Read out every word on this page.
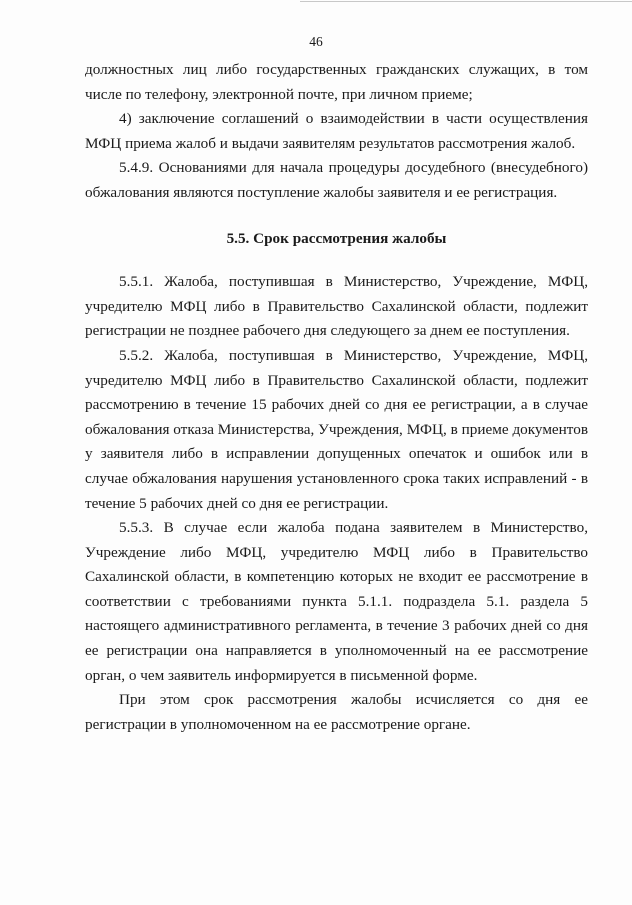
46

должностных лиц либо государственных гражданских служащих, в том числе по телефону, электронной почте, при личном приеме;

4) заключение соглашений о взаимодействии в части осуществления МФЦ приема жалоб и выдачи заявителям результатов рассмотрения жалоб.

5.4.9. Основаниями для начала процедуры досудебного (внесудебного) обжалования являются поступление жалобы заявителя и ее регистрация.

5.5. Срок рассмотрения жалобы

5.5.1. Жалоба, поступившая в Министерство, Учреждение, МФЦ, учредителю МФЦ либо в Правительство Сахалинской области, подлежит регистрации не позднее рабочего дня следующего за днем ее поступления.

5.5.2. Жалоба, поступившая в Министерство, Учреждение, МФЦ, учредителю МФЦ либо в Правительство Сахалинской области, подлежит рассмотрению в течение 15 рабочих дней со дня ее регистрации, а в случае обжалования отказа Министерства, Учреждения, МФЦ, в приеме документов у заявителя либо в исправлении допущенных опечаток и ошибок или в случае обжалования нарушения установленного срока таких исправлений - в течение 5 рабочих дней со дня ее регистрации.

5.5.3. В случае если жалоба подана заявителем в Министерство, Учреждение либо МФЦ, учредителю МФЦ либо в Правительство Сахалинской области, в компетенцию которых не входит ее рассмотрение в соответствии с требованиями пункта 5.1.1. подраздела 5.1. раздела 5 настоящего административного регламента, в течение 3 рабочих дней со дня ее регистрации она направляется в уполномоченный на ее рассмотрение орган, о чем заявитель информируется в письменной форме.

При этом срок рассмотрения жалобы исчисляется со дня ее регистрации в уполномоченном на ее рассмотрение органе.
